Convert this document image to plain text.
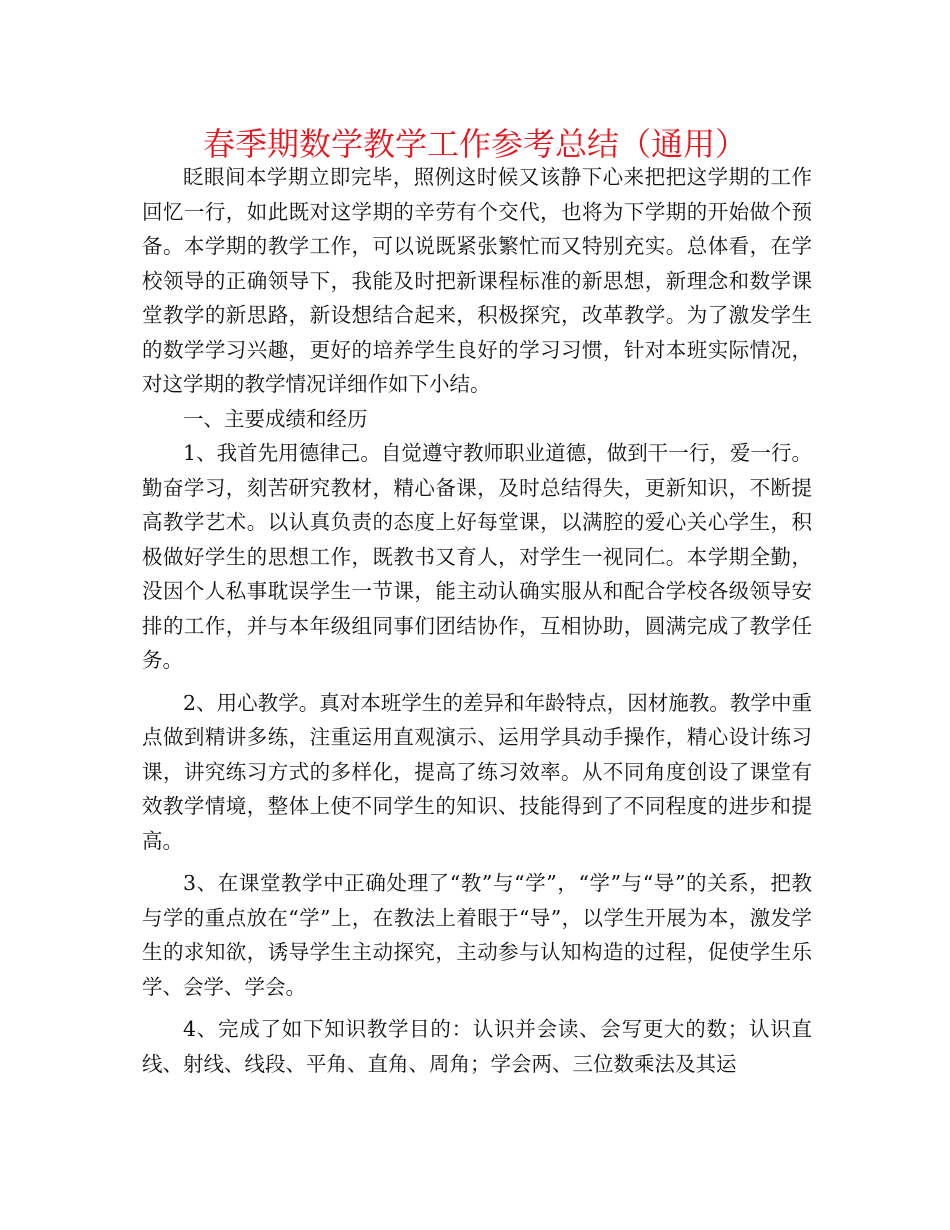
春季期数学教学工作参考总结（通用）

眨眼间本学期立即完毕，照例这时候又该静下心来把把这学期的工作回忆一行，如此既对这学期的辛劳有个交代，也将为下学期的开始做个预备。本学期的教学工作，可以说既紧张繁忙而又特别充实。总体看，在学校领导的正确领导下，我能及时把新课程标准的新思想，新理念和数学课堂教学的新思路，新设想结合起来，积极探究，改革教学。为了激发学生的数学学习兴趣，更好的培养学生良好的学习习惯，针对本班实际情况，对这学期的教学情况详细作如下小结。

一、主要成绩和经历

1、我首先用德律己。自觉遵守教师职业道德，做到干一行，爱一行。勤奋学习，刻苦研究教材，精心备课，及时总结得失，更新知识，不断提高教学艺术。以认真负责的态度上好每堂课，以满腔的爱心关心学生，积极做好学生的思想工作，既教书又育人，对学生一视同仁。本学期全勤，没因个人私事耽误学生一节课，能主动认确实服从和配合学校各级领导安排的工作，并与本年级组同事们团结协作，互相协助，圆满完成了教学任务。

2、用心教学。真对本班学生的差异和年龄特点，因材施教。教学中重点做到精讲多练，注重运用直观演示、运用学具动手操作，精心设计练习课，讲究练习方式的多样化，提高了练习效率。从不同角度创设了课堂有效教学情境，整体上使不同学生的知识、技能得到了不同程度的进步和提高。

3、在课堂教学中正确处理了“教”与“学”，“学”与“导”的关系，把教与学的重点放在“学”上，在教法上着眼于“导”，以学生开展为本，激发学生的求知欲，诱导学生主动探究，主动参与认知构造的过程，促使学生乐学、会学、学会。

4、完成了如下知识教学目的：认识并会读、会写更大的数；认识直线、射线、线段、平角、直角、周角；学会两、三位数乘法及其运
